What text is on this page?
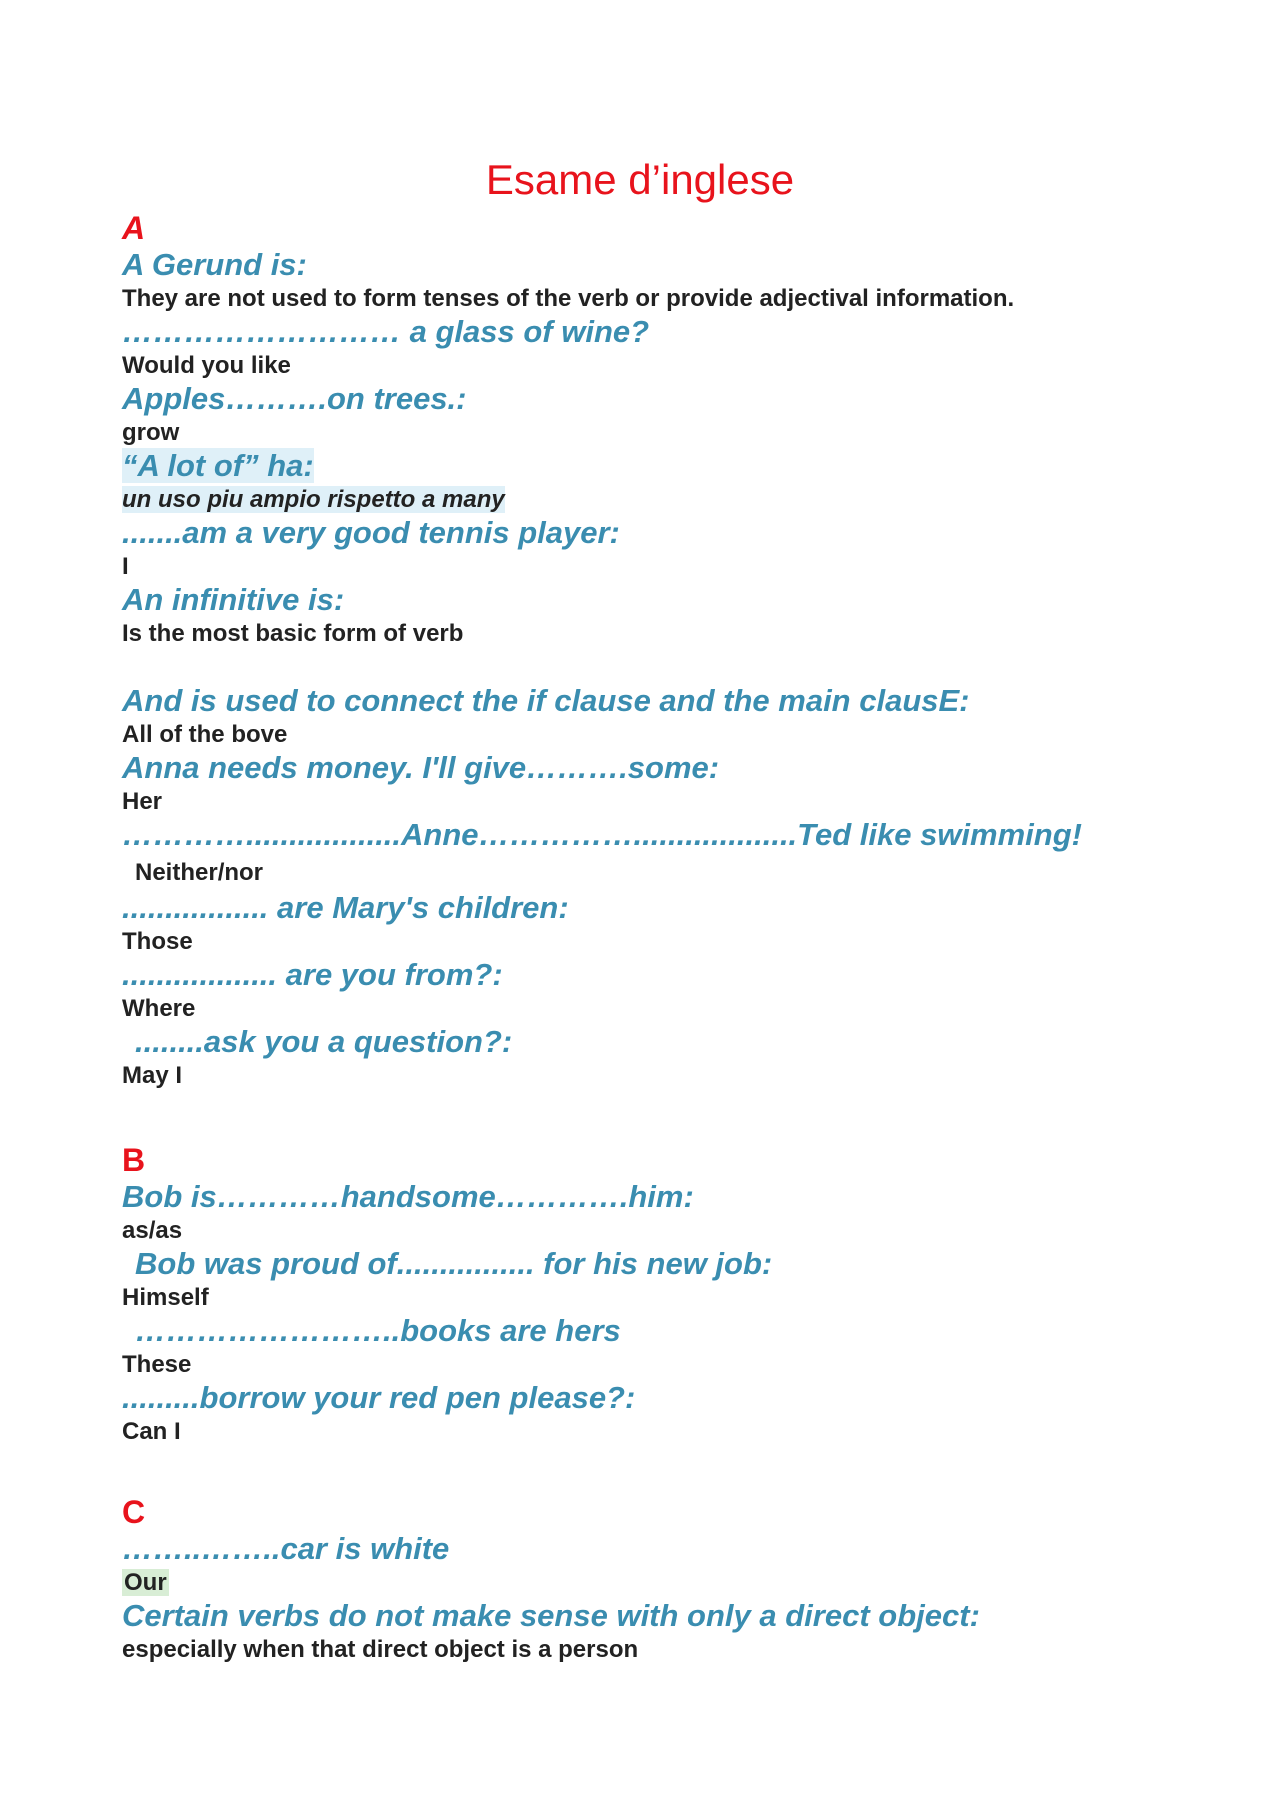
Esame d’inglese
A
A Gerund is:
They are not used to form tenses of the verb or provide adjectival information.
……………………… a glass of wine?
Would you like
Apples……….on trees.:
grow
“A lot of” ha:
un uso piu ampio rispetto a many
.......am a very good tennis player:
I
An infinitive is:
Is the most basic form of verb
And is used to connect the if clause and the main clausE:
All of the bove
Anna needs money. I'll give……….some:
Her
…………..................Anne……………...................Ted like swimming!
Neither/nor
................. are Mary's children:
Those
.................. are you from?:
Where
........ask you a question?:
May I
B
Bob is…………handsome………….him:
as/as
Bob was proud of................ for his new job:
Himself
……………………..books are hers
These
.........borrow your red pen please?:
Can I
C
……..……..car is white
Our
Certain verbs do not make sense with only a direct object:
especially when that direct object is a person
